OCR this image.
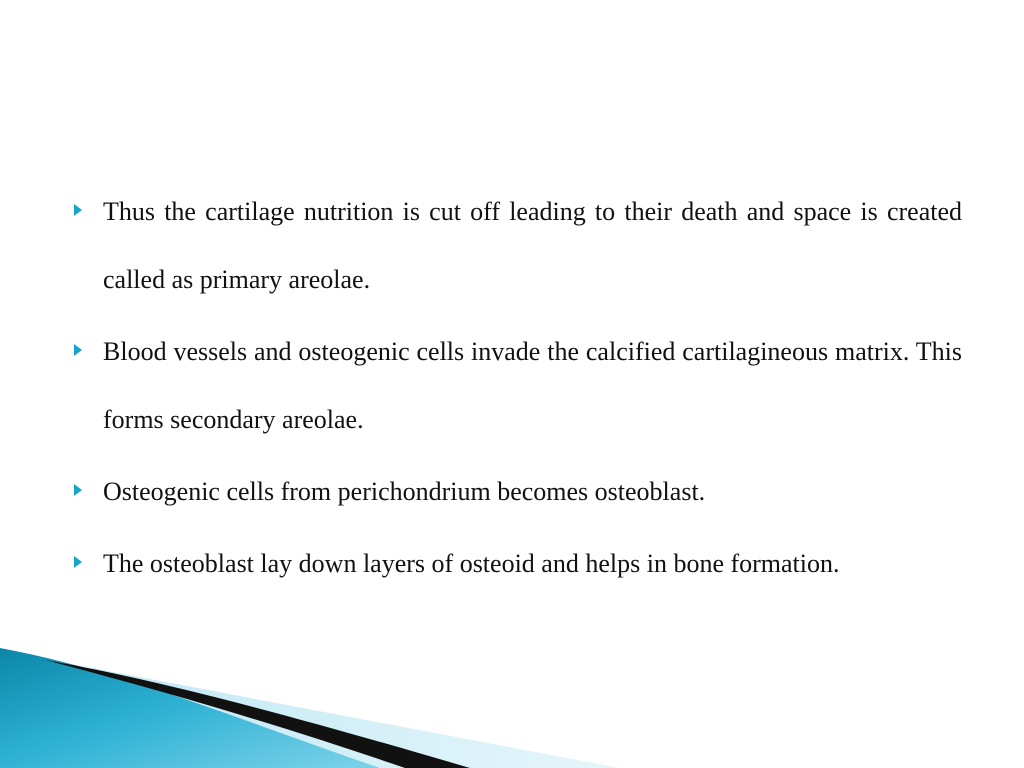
Thus the cartilage nutrition is cut off leading to their death and space is created called as primary areolae.
Blood vessels and osteogenic cells invade the calcified cartilagineous matrix. This forms secondary areolae.
Osteogenic cells from perichondrium becomes osteoblast.
The osteoblast lay down layers of osteoid and helps in bone formation.
